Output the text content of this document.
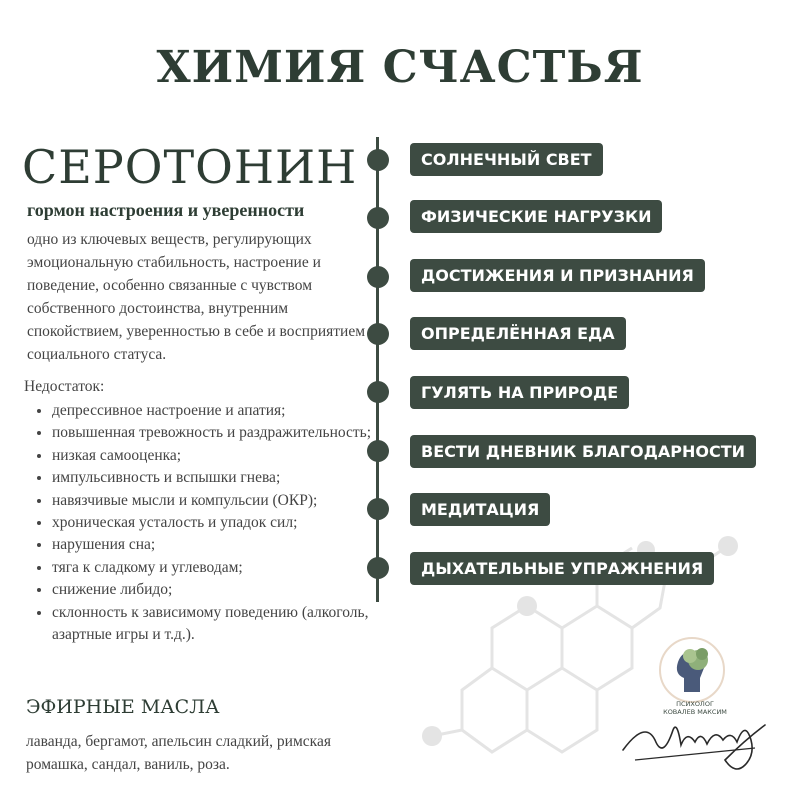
ХИМИЯ СЧАСТЬЯ
СЕРОТОНИН
гормон настроения и уверенности
одно из ключевых веществ, регулирующих эмоциональную стабильность, настроение и поведение, особенно связанные с чувством собственного достоинства, внутренним спокойствием, уверенностью в себе и восприятием социального статуса.
Недостаток:
• депрессивное настроение и апатия;
• повышенная тревожность и раздражительность;
• низкая самооценка;
• импульсивность и вспышки гнева;
• навязчивые мысли и компульсии (ОКР);
• хроническая усталость и упадок сил;
• нарушения сна;
• тяга к сладкому и углеводам;
• снижение либидо;
• склонность к зависимому поведению (алкоголь, азартные игры и т.д.).
ЭФИРНЫЕ МАСЛА
лаванда, бергамот, апельсин сладкий, римская ромашка, сандал, ваниль, роза.
СОЛНЕЧНЫЙ СВЕТ
ФИЗИЧЕСКИЕ НАГРУЗКИ
ДОСТИЖЕНИЯ И ПРИЗНАНИЯ
ОПРЕДЕЛЁННАЯ ЕДА
ГУЛЯТЬ НА ПРИРОДЕ
ВЕСТИ ДНЕВНИК БЛАГОДАРНОСТИ
МЕДИТАЦИЯ
ДЫХАТЕЛЬНЫЕ УПРАЖНЕНИЯ
ПСИХОЛОГ
КОВАЛЕВ МАКСИМ
